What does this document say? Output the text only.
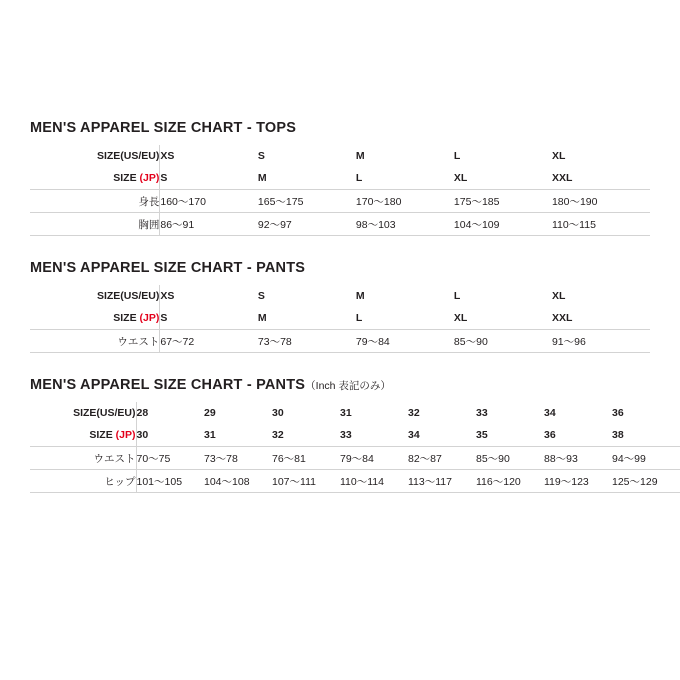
MEN'S APPAREL SIZE CHART - TOPS
SIZE(US/EU)	XS	S	M	L	XL
SIZE (JP)	S	M	L	XL	XXL
身長	160～170	165～175	170～180	175～185	180～190
胸囲	86～91	92～97	98～103	104～109	110～115
MEN'S APPAREL SIZE CHART - PANTS
SIZE(US/EU)	XS	S	M	L	XL
SIZE (JP)	S	M	L	XL	XXL
ウエスト	67～72	73～78	79～84	85～90	91～96
MEN'S APPAREL SIZE CHART - PANTS（Inch 表記のみ）
SIZE(US/EU)	28	29	30	31	32	33	34	36
SIZE (JP)	30	31	32	33	34	35	36	38
ウエスト	70～75	73～78	76～81	79～84	82～87	85～90	88～93	94～99
ヒップ	101～105	104～108	107～111	110～114	113～117	116～120	119～123	125～129
